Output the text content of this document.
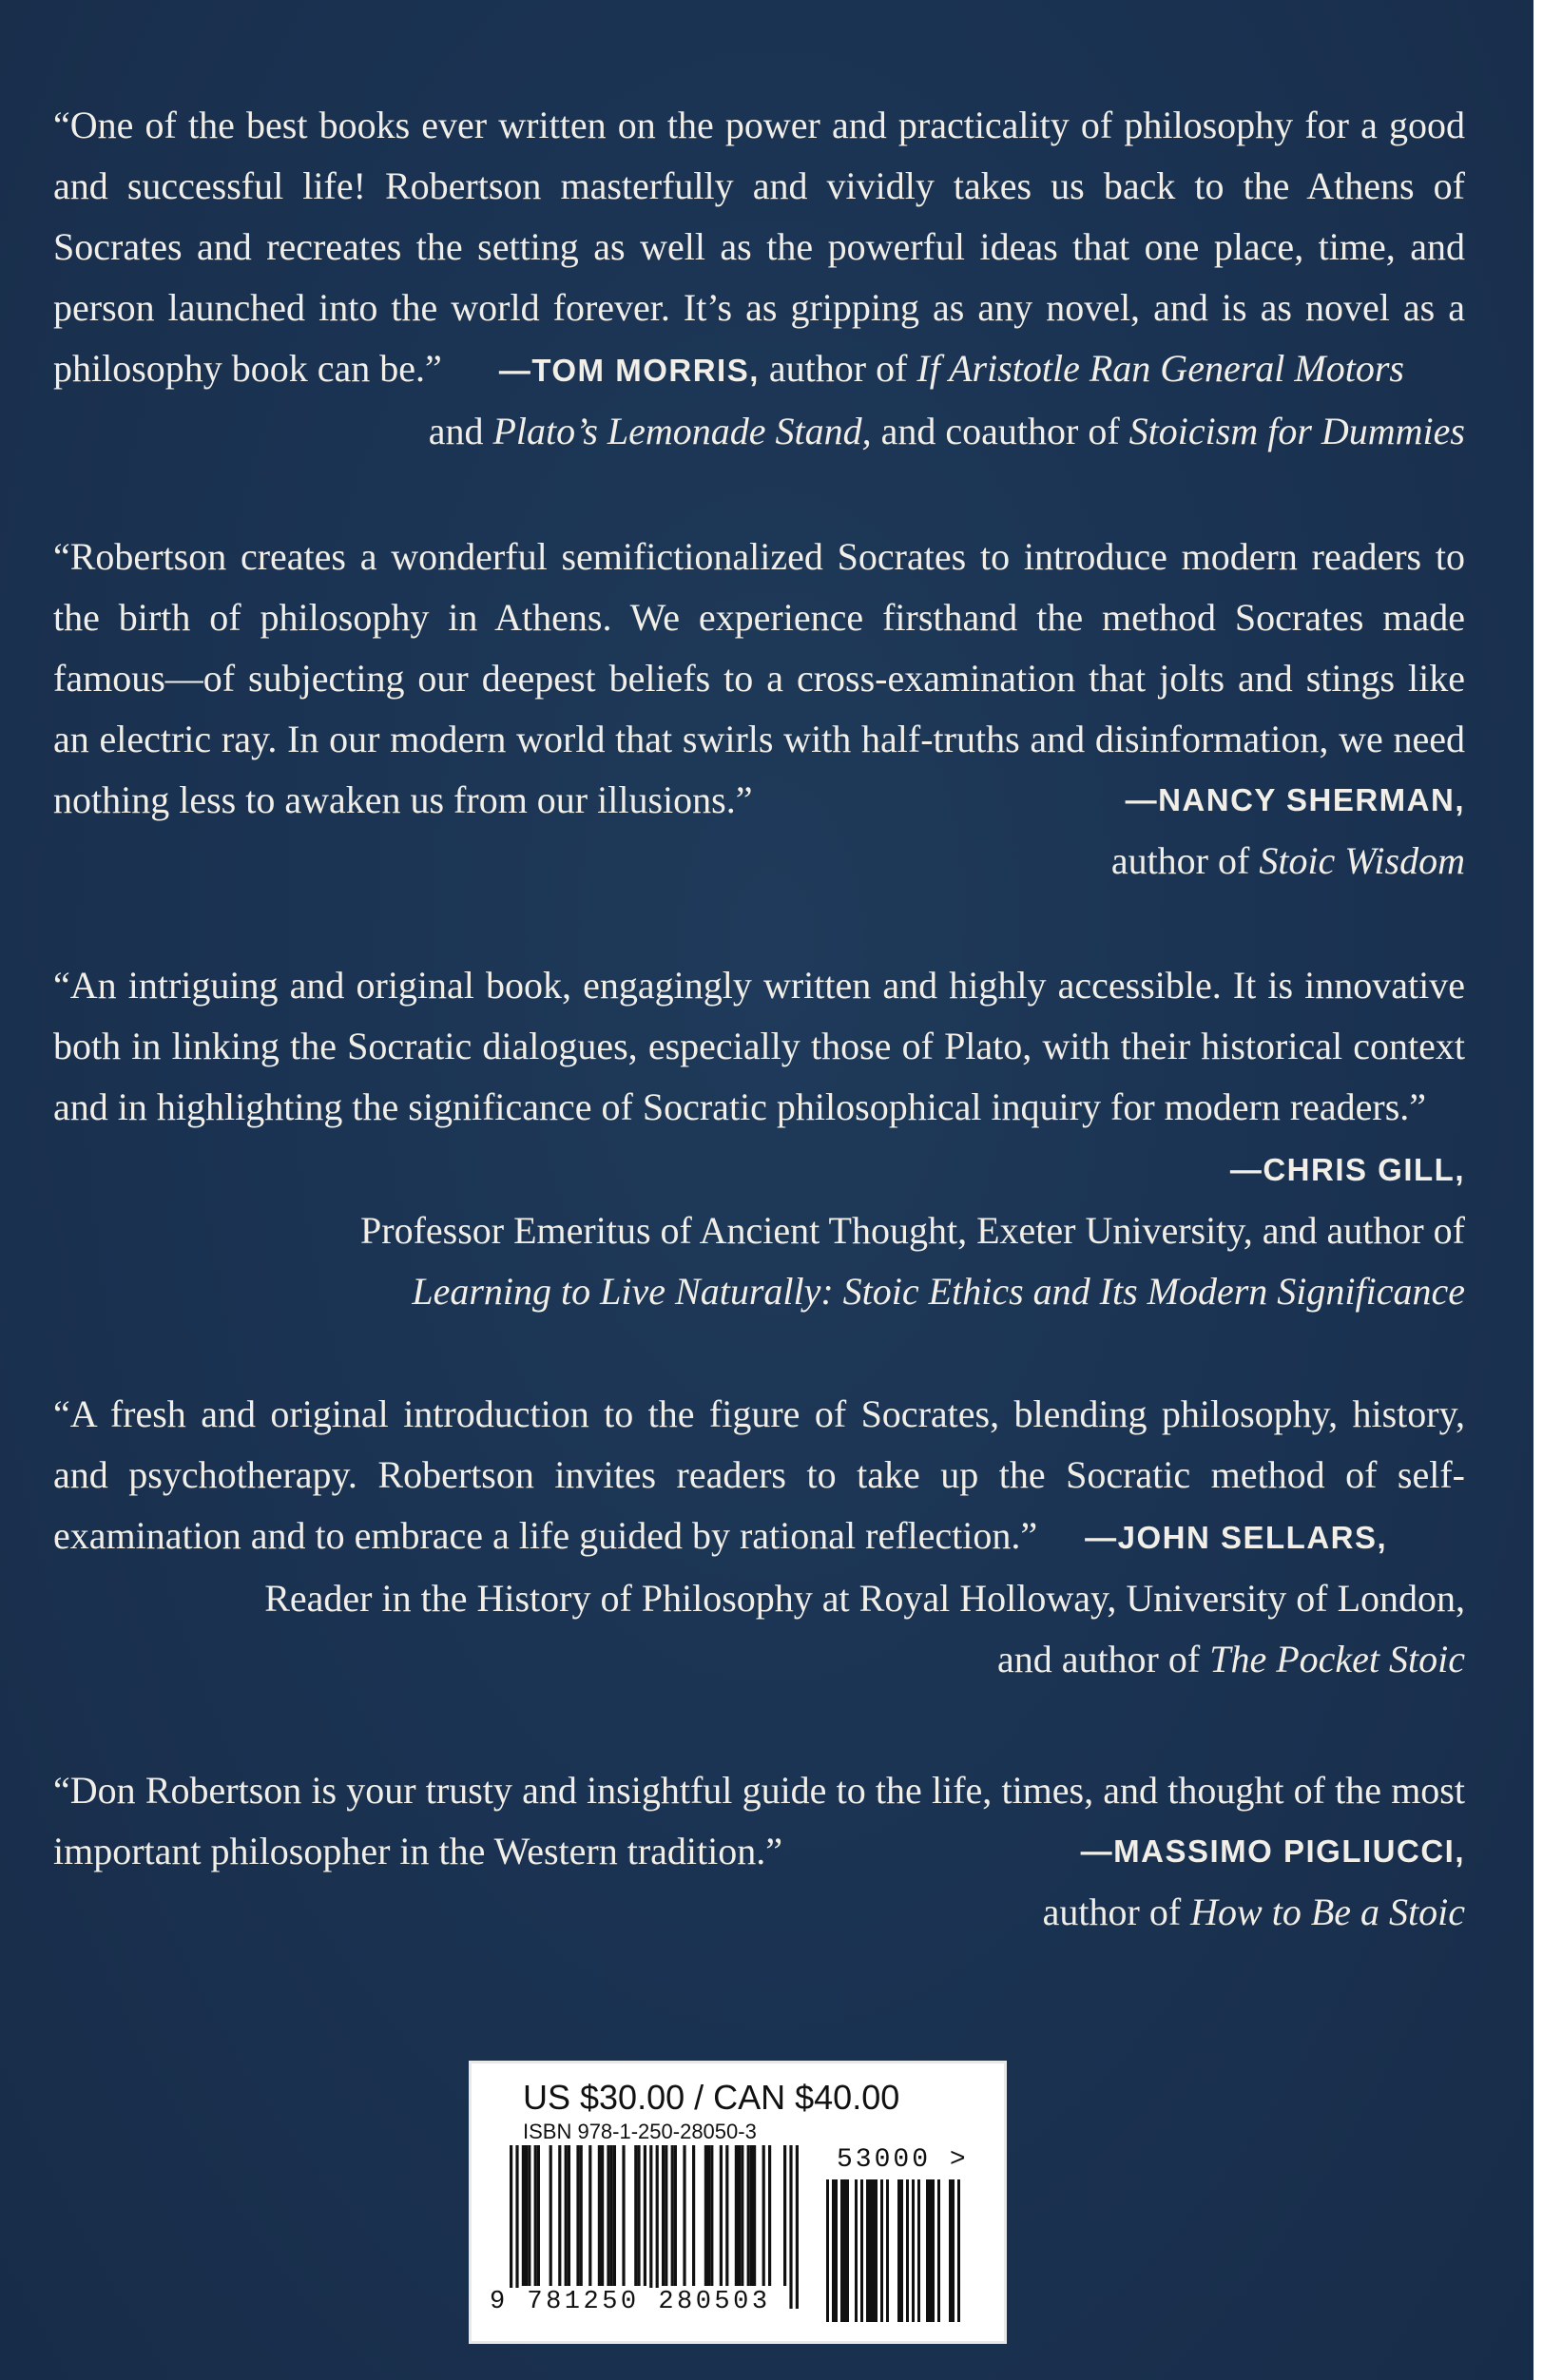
“One of the best books ever written on the power and practicality of philosophy for a good and successful life! Robertson masterfully and vividly takes us back to the Athens of Socrates and recreates the setting as well as the powerful ideas that one place, time, and person launched into the world forever. It’s as gripping as any novel, and is as novel as a philosophy book can be.” —TOM MORRIS, author of If Aristotle Ran General Motors

and Plato’s Lemonade Stand, and coauthor of Stoicism for Dummies

“Robertson creates a wonderful semifictionalized Socrates to introduce modern readers to the birth of philosophy in Athens. We experience firsthand the method Socrates made famous—of subjecting our deepest beliefs to a cross-examination that jolts and stings like an electric ray. In our modern world that swirls with half-truths and disinformation, we need nothing less to awaken us from our illusions.”	—NANCY SHERMAN,

author of Stoic Wisdom

“An intriguing and original book, engagingly written and highly accessible. It is innovative both in linking the Socratic dialogues, especially those of Plato, with their historical context and in highlighting the significance of Socratic philosophical inquiry for modern readers.”

—CHRIS GILL,

Professor Emeritus of Ancient Thought, Exeter University, and author of

Learning to Live Naturally: Stoic Ethics and Its Modern Significance

“A fresh and original introduction to the figure of Socrates, blending philosophy, history, and psychotherapy. Robertson invites readers to take up the Socratic method of self-examination and to embrace a life guided by rational reflection.” —JOHN SELLARS,

Reader in the History of Philosophy at Royal Holloway, University of London,

and author of The Pocket Stoic

“Don Robertson is your trusty and insightful guide to the life, times, and thought of the most important philosopher in the Western tradition.”	—MASSIMO PIGLIUCCI,

author of How to Be a Stoic

US $30.00 / CAN $40.00
ISBN 978-1-250-28050-3
53000 >
9 781250 280503
